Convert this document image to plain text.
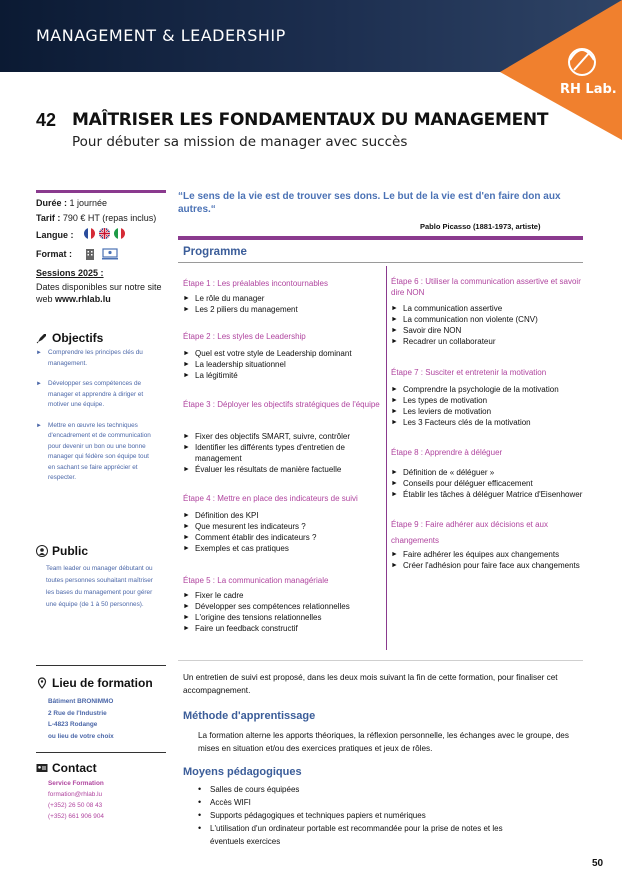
MANAGEMENT & LEADERSHIP
RH Lab.
42 MAÎTRISER LES FONDAMENTAUX DU MANAGEMENT
Pour débuter sa mission de manager avec succès
Durée : 1 journée
Tarif : 790 € HT (repas inclus)
Langue :
Format :
Sessions 2025 :
Dates disponibles sur notre site web www.rhlab.lu
Objectifs
► Comprendre les principes clés du management.
► Développer ses compétences de manager et apprendre à diriger et motiver une équipe.
► Mettre en œuvre les techniques d'encadrement et de communication pour devenir un bon ou une bonne manager qui fédère son équipe tout en sachant se faire apprécier et respecter.
Public
Team leader ou manager débutant ou toutes personnes souhaitant maîtriser les bases du management pour gérer une équipe (de 1 à 50 personnes).
Lieu de formation
Bâtiment BRONIMMO
2 Rue de l'Industrie
L-4823 Rodange
ou lieu de votre choix
Contact
Service Formation
formation@rhlab.lu
(+352) 26 50 08 43
(+352) 661 906 904
“Le sens de la vie est de trouver ses dons. Le but de la vie est d'en faire don aux autres.“
Pablo Picasso (1881-1973, artiste)
Programme
Étape 1 : Les préalables incontournables
► Le rôle du manager
► Les 2 piliers du management
Étape 2 : Les styles de Leadership
► Quel est votre style de Leadership dominant
► La leadership situationnel
► La légitimité
Étape 3 : Déployer les objectifs stratégiques de l'équipe
► Fixer des objectifs SMART, suivre, contrôler
► Identifier les différents types d'entretien de management
► Évaluer les résultats de manière factuelle
Étape 4 : Mettre en place des indicateurs de suivi
► Définition des KPI
► Que mesurent les indicateurs ?
► Comment établir des indicateurs ?
► Exemples et cas pratiques
Étape 5 : La communication managériale
► Fixer le cadre
► Développer ses compétences relationnelles
► L'origine des tensions relationnelles
► Faire un feedback constructif
Étape 6 : Utiliser la communication assertive et savoir dire NON
► La communication assertive
► La communication non violente (CNV)
► Savoir dire NON
► Recadrer un collaborateur
Étape 7 : Susciter et entretenir la motivation
► Comprendre la psychologie de la motivation
► Les types de motivation
► Les leviers de motivation
► Les 3 Facteurs clés de la motivation
Étape 8 : Apprendre à déléguer
► Définition de « déléguer »
► Conseils pour déléguer efficacement
► Établir les tâches à déléguer Matrice d'Eisenhower
Étape 9 : Faire adhérer aux décisions et aux changements
► Faire adhérer les équipes aux changements
► Créer l'adhésion pour faire face aux changements
Un entretien de suivi est proposé, dans les deux mois suivant la fin de cette formation, pour finaliser cet accompagnement.
Méthode d'apprentissage
La formation alterne les apports théoriques, la réflexion personnelle, les échanges avec le groupe, des mises en situation et/ou des exercices pratiques et jeux de rôles.
Moyens pédagogiques
• Salles de cours équipées
• Accès WIFI
• Supports pédagogiques et techniques papiers et numériques
• L'utilisation d'un ordinateur portable est recommandée pour la prise de notes et les éventuels exercices
50
